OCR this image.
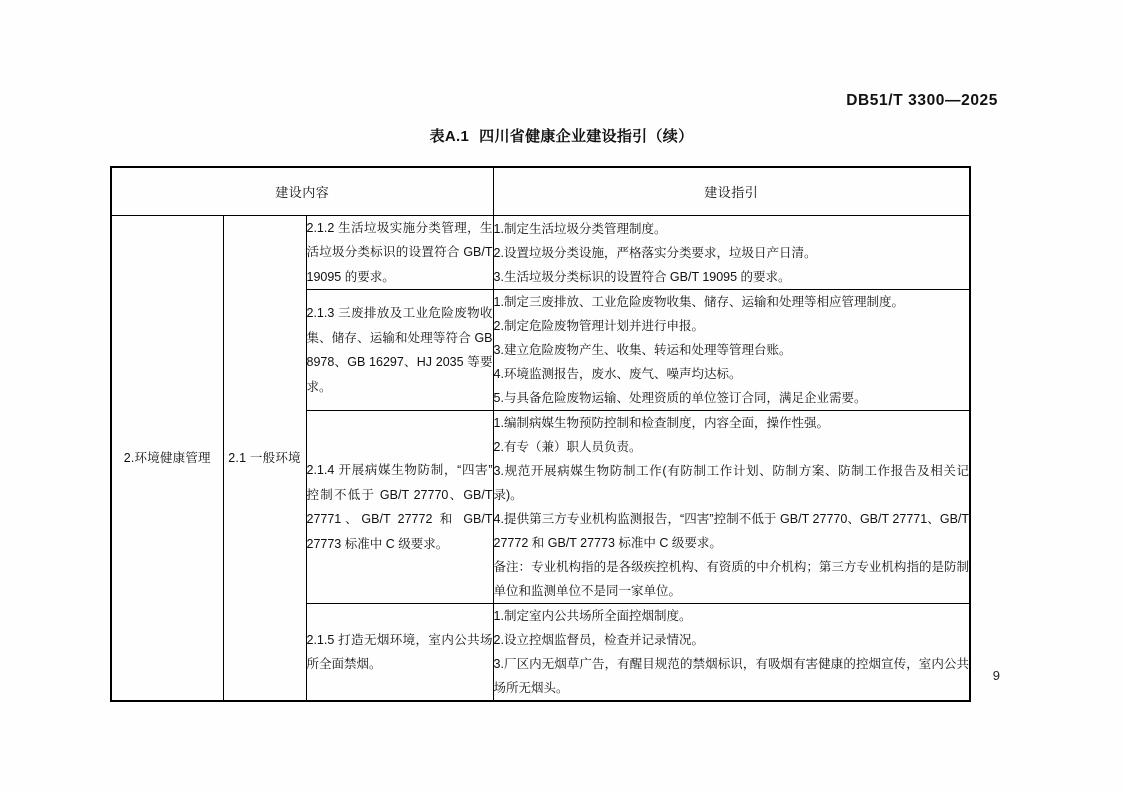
DB51/T 3300—2025
表A.1 四川省健康企业建设指引（续）
建设内容			建设指引
2.环境健康管理	2.1 一般环境	2.1.2 生活垃圾实施分类管理，生活垃圾分类标识的设置符合 GB/T 19095 的要求。	1.制定生活垃圾分类管理制度。

2.设置垃圾分类设施，严格落实分类要求，垃圾日产日清。

3.生活垃圾分类标识的设置符合 GB/T 19095 的要求。

		2.1.3 三废排放及工业危险废物收集、储存、运输和处理等符合 GB 8978、GB 16297、HJ 2035 等要求。	1.制定三废排放、工业危险废物收集、储存、运输和处理等相应管理制度。

2.制定危险废物管理计划并进行申报。

3.建立危险废物产生、收集、转运和处理等管理台账。

4.环境监测报告，废水、废气、噪声均达标。

5.与具备危险废物运输、处理资质的单位签订合同，满足企业需要。

		2.1.4 开展病媒生物防制，“四害”控制不低于 GB/T 27770、GB/T 27771、GB/T 27772 和 GB/T 27773 标准中 C 级要求。	1.编制病媒生物预防控制和检查制度，内容全面，操作性强。

2.有专（兼）职人员负责。

3.规范开展病媒生物防制工作(有防制工作计划、防制方案、防制工作报告及相关记录)。

4.提供第三方专业机构监测报告，“四害”控制不低于 GB/T 27770、GB/T 27771、GB/T 27772 和 GB/T 27773 标准中 C 级要求。

备注：专业机构指的是各级疾控机构、有资质的中介机构；第三方专业机构指的是防制单位和监测单位不是同一家单位。

		2.1.5 打造无烟环境，室内公共场所全面禁烟。	1.制定室内公共场所全面控烟制度。

2.设立控烟监督员，检查并记录情况。

3.厂区内无烟草广告，有醒目规范的禁烟标识，有吸烟有害健康的控烟宣传，室内公共场所无烟头。

9
